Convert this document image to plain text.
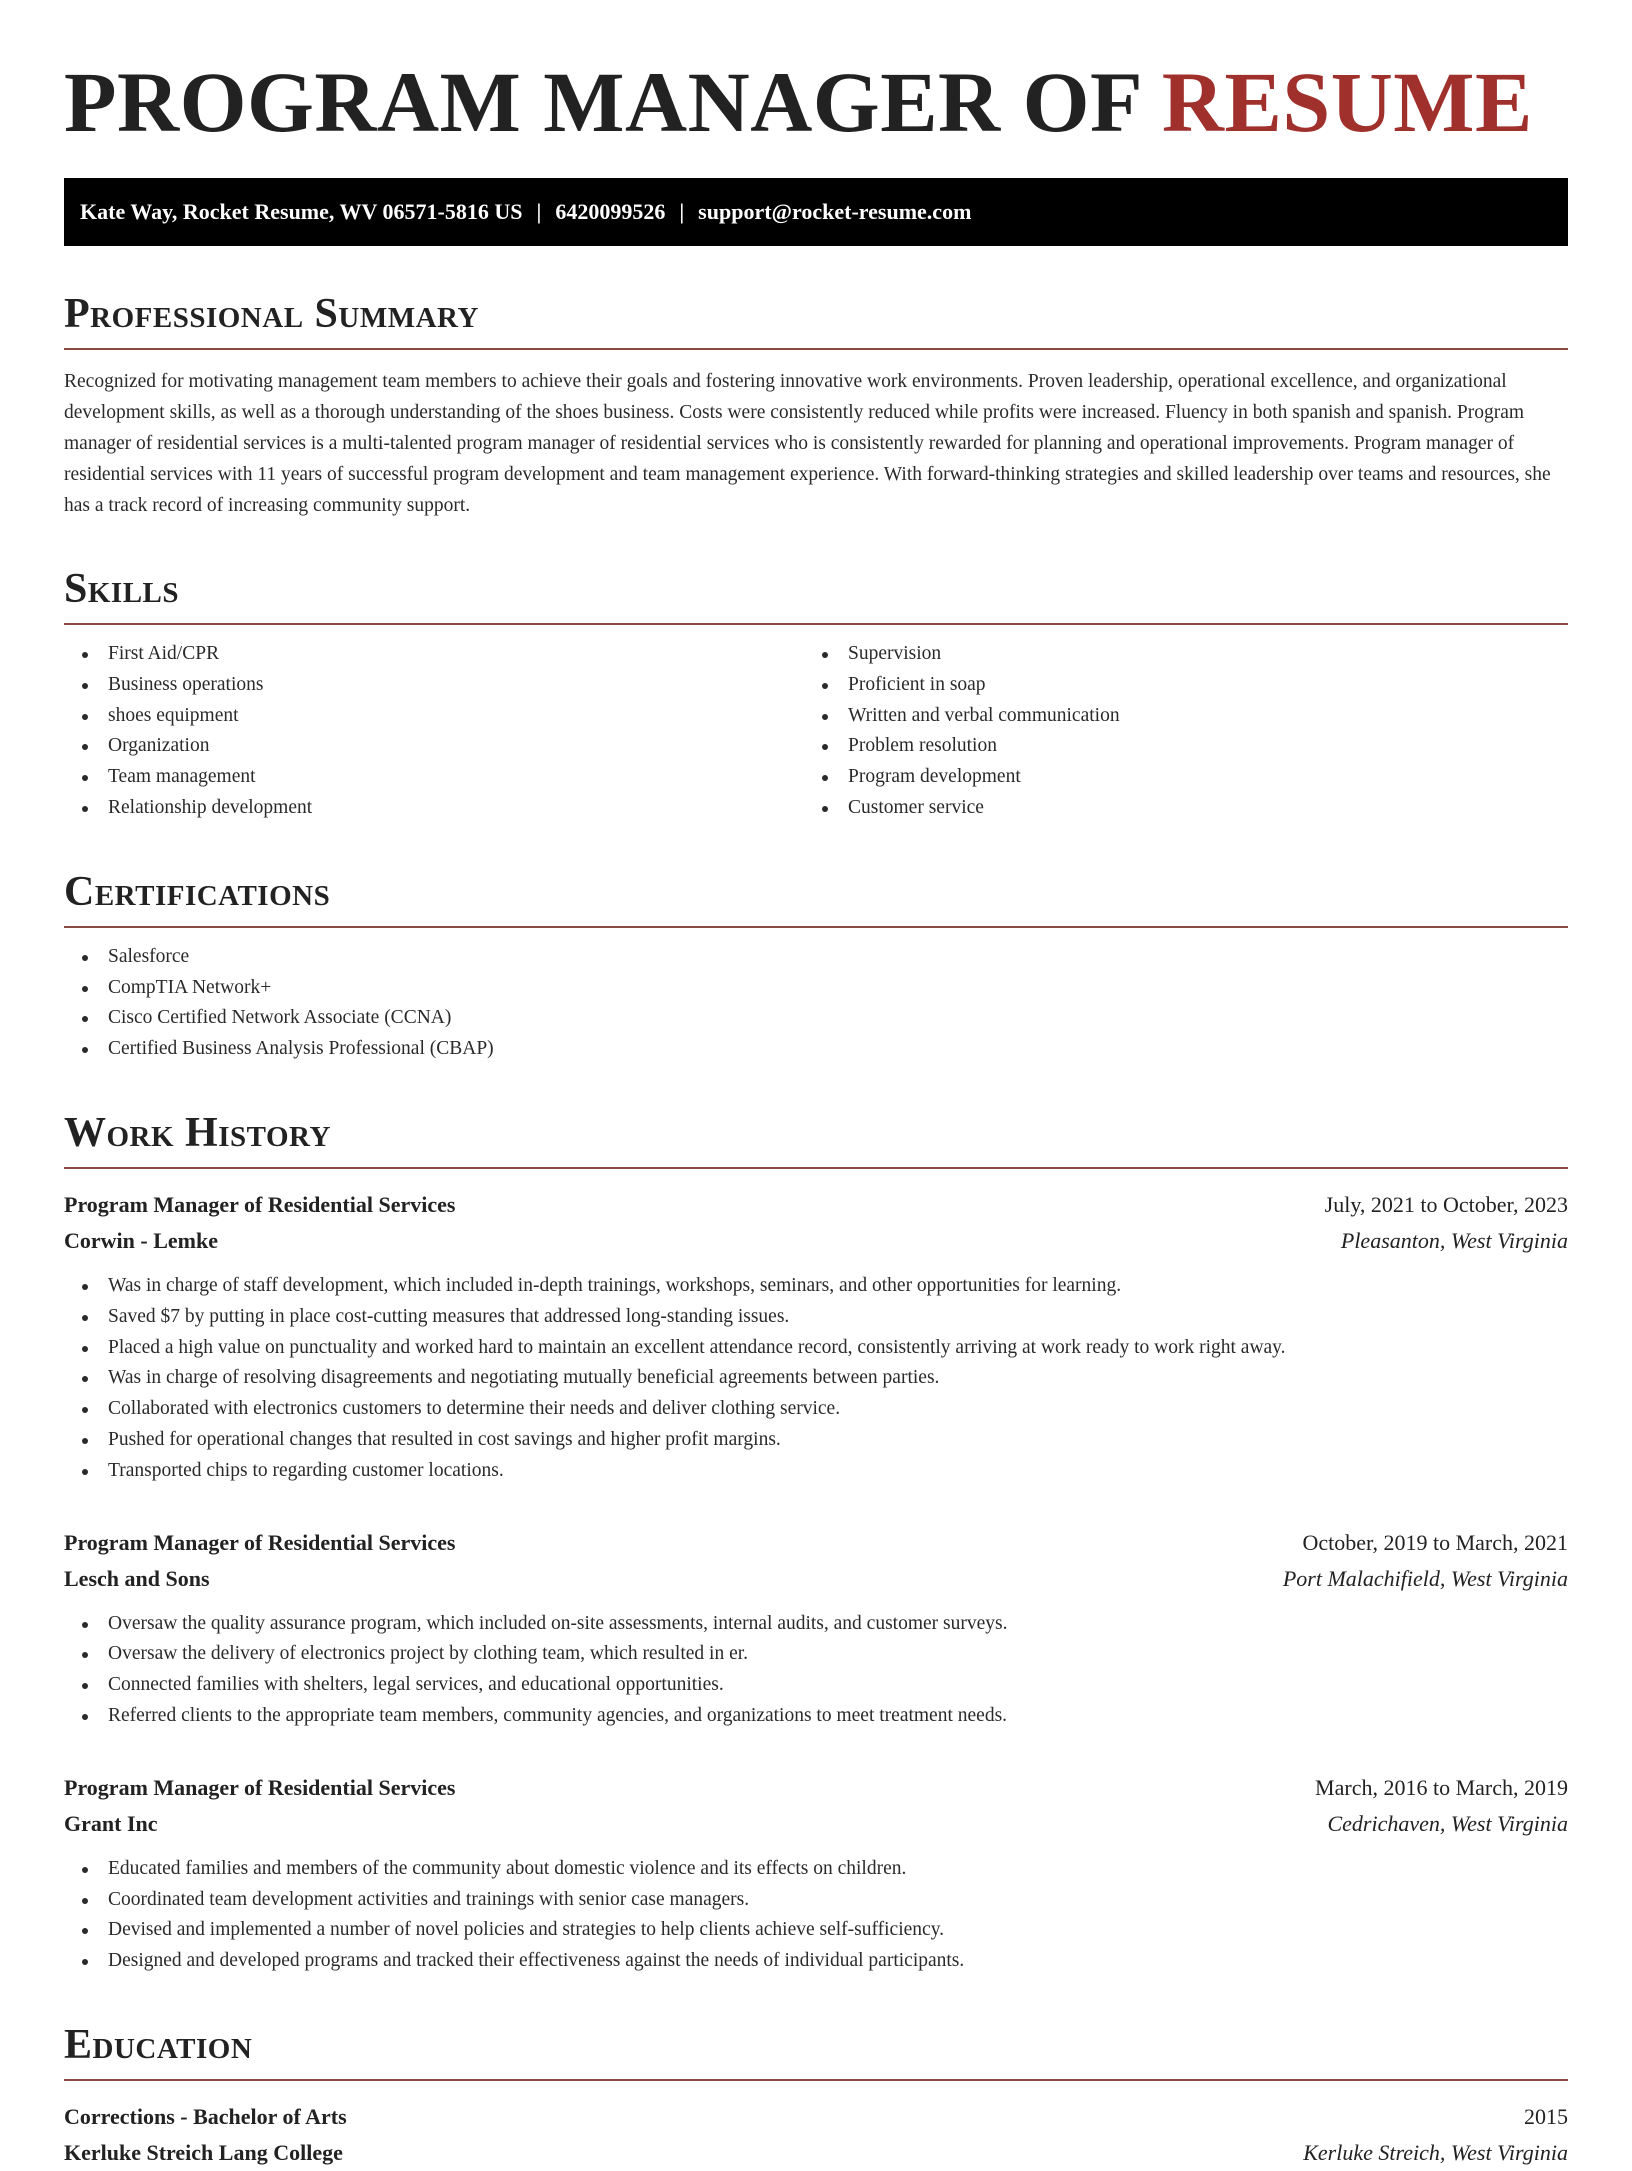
PROGRAM MANAGER OF RESUME
Kate Way, Rocket Resume, WV 06571-5816 US | 6420099526 | support@rocket-resume.com
Professional Summary

Recognized for motivating management team members to achieve their goals and fostering innovative work environments. Proven leadership, operational excellence, and organizational development skills, as well as a thorough understanding of the shoes business. Costs were consistently reduced while profits were increased. Fluency in both spanish and spanish. Program manager of residential services is a multi-talented program manager of residential services who is consistently rewarded for planning and operational improvements. Program manager of residential services with 11 years of successful program development and team management experience. With forward-thinking strategies and skilled leadership over teams and resources, she has a track record of increasing community support.

Skills
First Aid/CPR
Business operations
shoes equipment
Organization
Team management
Relationship development
Supervision
Proficient in soap
Written and verbal communication
Problem resolution
Program development
Customer service
Certifications
Salesforce
CompTIA Network+
Cisco Certified Network Associate (CCNA)
Certified Business Analysis Professional (CBAP)
Work History
Program Manager of Residential Services	July, 2021 to October, 2023
Corwin - Lemke	Pleasanton, West Virginia
Was in charge of staff development, which included in-depth trainings, workshops, seminars, and other opportunities for learning.
Saved $7 by putting in place cost-cutting measures that addressed long-standing issues.
Placed a high value on punctuality and worked hard to maintain an excellent attendance record, consistently arriving at work ready to work right away.
Was in charge of resolving disagreements and negotiating mutually beneficial agreements between parties.
Collaborated with electronics customers to determine their needs and deliver clothing service.
Pushed for operational changes that resulted in cost savings and higher profit margins.
Transported chips to regarding customer locations.
Program Manager of Residential Services	October, 2019 to March, 2021
Lesch and Sons	Port Malachifield, West Virginia
Oversaw the quality assurance program, which included on-site assessments, internal audits, and customer surveys.
Oversaw the delivery of electronics project by clothing team, which resulted in er.
Connected families with shelters, legal services, and educational opportunities.
Referred clients to the appropriate team members, community agencies, and organizations to meet treatment needs.
Program Manager of Residential Services	March, 2016 to March, 2019
Grant Inc	Cedrichaven, West Virginia
Educated families and members of the community about domestic violence and its effects on children.
Coordinated team development activities and trainings with senior case managers.
Devised and implemented a number of novel policies and strategies to help clients achieve self-sufficiency.
Designed and developed programs and tracked their effectiveness against the needs of individual participants.
Education
Corrections - Bachelor of Arts	2015
Kerluke Streich Lang College	Kerluke Streich, West Virginia
